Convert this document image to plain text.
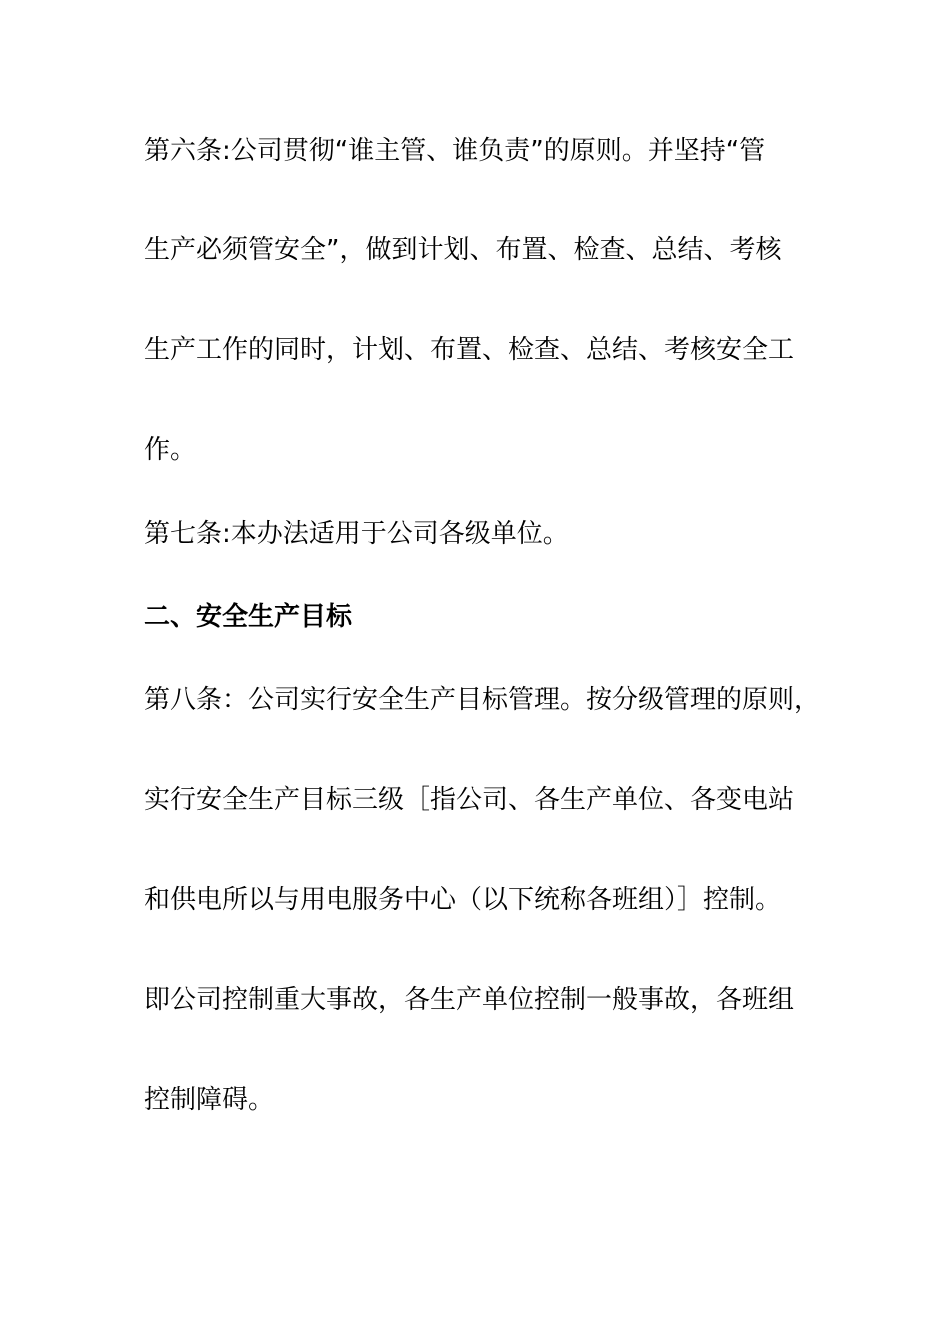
第六条:公司贯彻“谁主管、谁负责”的原则。并坚持“管
生产必须管安全”，做到计划、布置、检查、总结、考核
生产工作的同时，计划、布置、检查、总结、考核安全工
作。
第七条:本办法适用于公司各级单位。
二、安全生产目标
第八条：公司实行安全生产目标管理。按分级管理的原则，
实行安全生产目标三级［指公司、各生产单位、各变电站
和供电所以与用电服务中心（以下统称各班组）］控制。
即公司控制重大事故，各生产单位控制一般事故，各班组
控制障碍。
